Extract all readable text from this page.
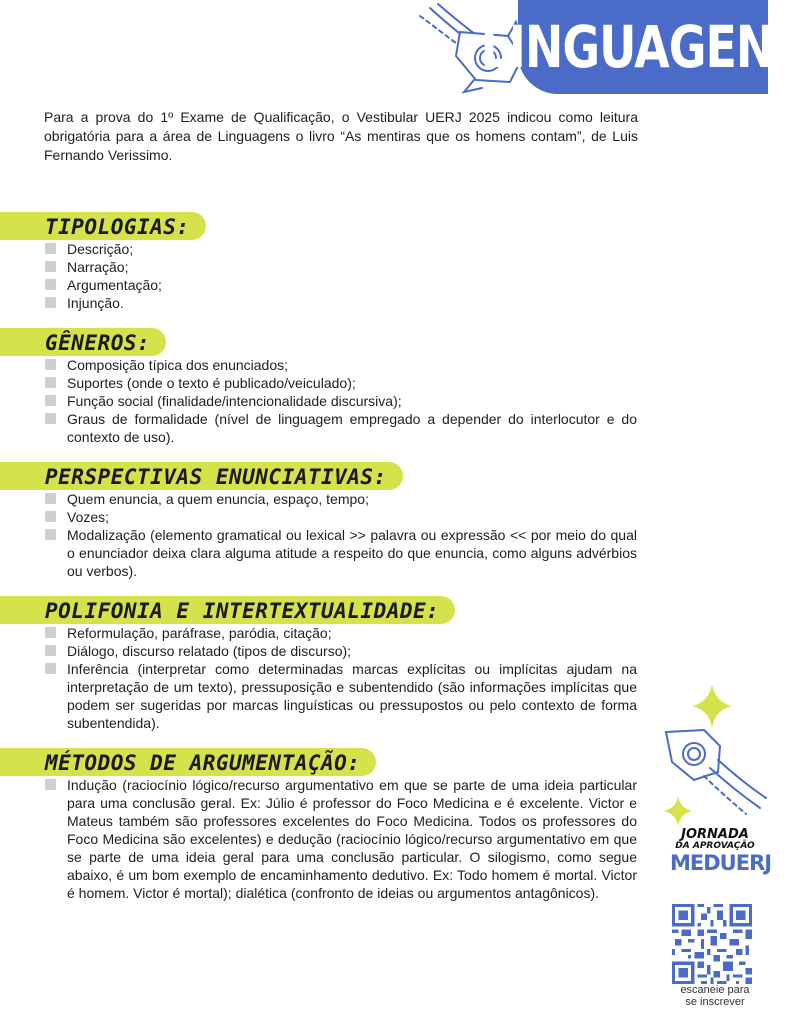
LINGUAGENS

Para a prova do 1º Exame de Qualificação, o Vestibular UERJ 2025 indicou como leitura obrigatória para a área de Linguagens o livro “As mentiras que os homens contam”, de Luis Fernando Verissimo.

TIPOLOGIAS:
Descrição;
Narração;
Argumentação;
Injunção.
GÊNEROS:
Composição típica dos enunciados;
Suportes (onde o texto é publicado/veiculado);
Função social (finalidade/intencionalidade discursiva);
Graus de formalidade (nível de linguagem empregado a depender do interlocutor e do contexto de uso).
PERSPECTIVAS ENUNCIATIVAS:
Quem enuncia, a quem enuncia, espaço, tempo;
Vozes;
Modalização (elemento gramatical ou lexical >> palavra ou expressão << por meio do qual o enunciador deixa clara alguma atitude a respeito do que enuncia, como alguns advérbios ou verbos).
POLIFONIA E INTERTEXTUALIDADE:
Reformulação, paráfrase, paródia, citação;
Diálogo, discurso relatado (tipos de discurso);
Inferência (interpretar como determinadas marcas explícitas ou implícitas ajudam na interpretação de um texto), pressuposição e subentendido (são informações implícitas que podem ser sugeridas por marcas linguísticas ou pressupostos ou pelo contexto de forma subentendida).
MÉTODOS DE ARGUMENTAÇÃO:
Indução (raciocínio lógico/recurso argumentativo em que se parte de uma ideia particular para uma conclusão geral. Ex: Júlio é professor do Foco Medicina e é excelente. Victor e Mateus também são professores excelentes do Foco Medicina. Todos os professores do Foco Medicina são excelentes) e dedução (raciocínio lógico/recurso argumentativo em que se parte de uma ideia geral para uma conclusão particular. O silogismo, como segue abaixo, é um bom exemplo de encaminhamento dedutivo. Ex: Todo homem é mortal. Victor é homem. Victor é mortal); dialética (confronto de ideias ou argumentos antagônicos).
JORNADA
DA APROVAÇÃO
MEDUERJ
escaneie para
se inscrever
